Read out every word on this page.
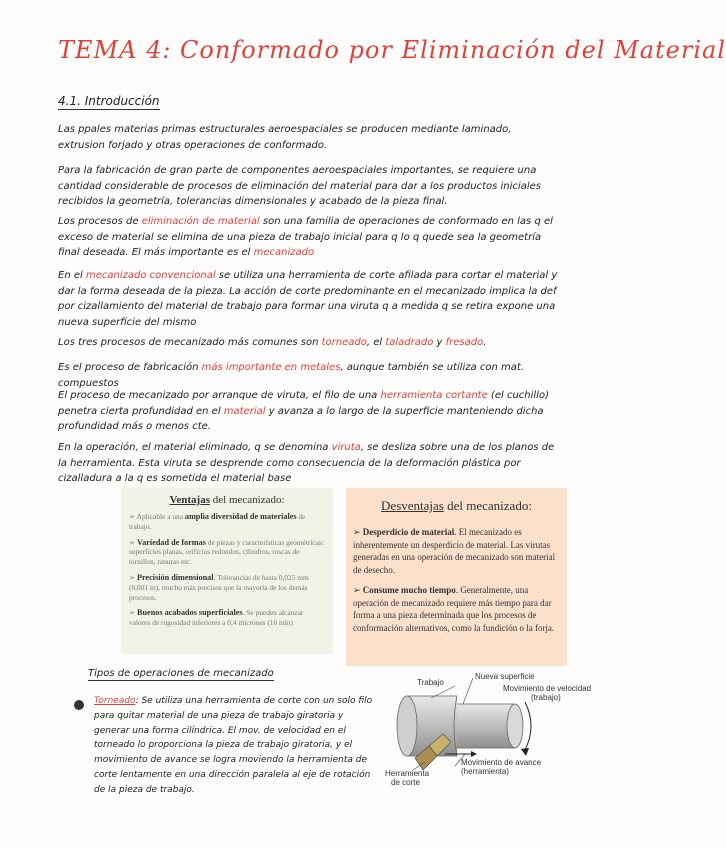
TEMA 4: Conformado por Eliminación del Material
4.1. Introducción
Las ppales materias primas estructurales aeroespaciales se producen mediante laminado, extrusion forjado y otras operaciones de conformado.
Para la fabricación de gran parte de componentes aeroespaciales importantes, se requiere una cantidad considerable de procesos de eliminación del material para dar a los productos iniciales recibidos la geometría, tolerancias dimensionales y acabado de la pieza final.
Los procesos de eliminación de material son una familia de operaciones de conformado en las q el exceso de material se elimina de una pieza de trabajo inicial para q lo q quede sea la geometría final deseada. El más importante es el mecanizado
En el mecanizado convencional se utiliza una herramienta de corte afilada para cortar el material y dar la forma deseada de la pieza. La acción de corte predominante en el mecanizado implica la def por cizallamiento del material de trabajo para formar una viruta q a medida q se retira expone una nueva superficie del mismo
Los tres procesos de mecanizado más comunes son torneado, el taladrado y fresado.
Es el proceso de fabricación más importante en metales, aunque también se utiliza con mat. compuestos
El proceso de mecanizado por arranque de viruta, el filo de una herramienta cortante (el cuchillo) penetra cierta profundidad en el material y avanza a lo largo de la superficie manteniendo dicha profundidad más o menos cte.
En la operación, el material eliminado, q se denomina viruta, se desliza sobre una de los planos de la herramienta. Esta viruta se desprende como consecuencia de la deformación plástica por cizalladura a la q es sometida el material base
Ventajas del mecanizado:
➢ Aplicable a una amplia diversidad de materiales de trabajo.
➢ Variedad de formas de piezas y características geométricas: superficies planas, orificios redondos, cilindros, roscas de tornillos, ranuras etc.
➢ Precisión dimensional. Tolerancias de hasta 0,025 mm (0,001 in), mucho más precisos que la mayoría de los demás procesos.
➢ Buenos acabados superficiales. Se pueden alcanzar valores de rugosidad inferiores a 0,4 micrones (16 min)
Desventajas del mecanizado:
➢ Desperdicio de material. El mecanizado es inherentemente un desperdicio de material. Las virutas generadas en una operación de mecanizado son material de desecho.
➢ Consume mucho tiempo. Generalmente, una operación de mecanizado requiere más tiempo para dar forma a una pieza determinada que los procesos de conformación alternativos, como la fundición o la forja.
Tipos de operaciones de mecanizado
Torneado: Se utiliza una herramienta de corte con un solo filo para quitar material de una pieza de trabajo giratoria y generar una forma cilíndrica. El mov. de velocidad en el torneado lo proporciona la pieza de trabajo giratoria, y el movimiento de avance se logra moviendo la herramienta de corte lentamente en una dirección paralela al eje de rotación de la pieza de trabajo.
Trabajo
Nueva superficie
Movimiento de velocidad
(trabajo)
Herramienta
de corte
Movimiento de avance
(herramienta)
